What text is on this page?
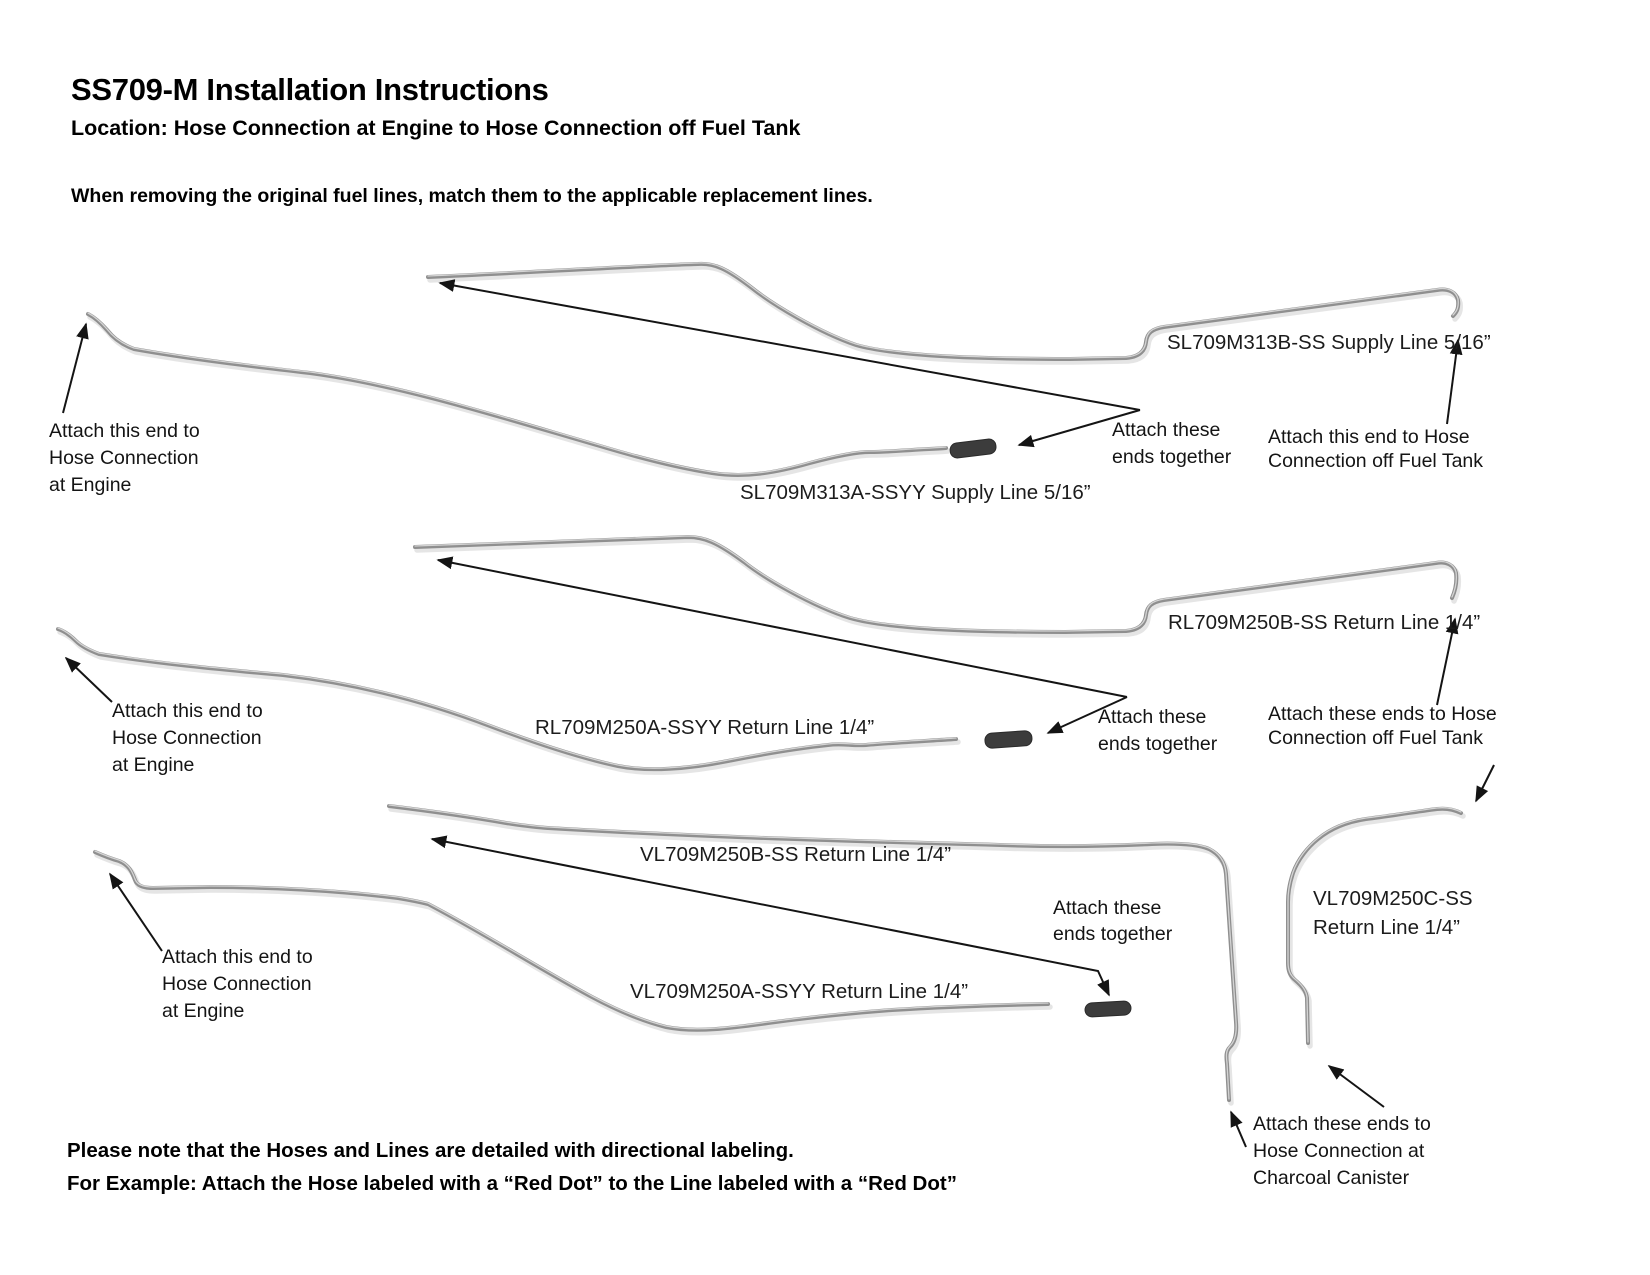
SS709-M Installation Instructions
Location: Hose Connection at Engine to Hose Connection off Fuel Tank
When removing the original fuel lines, match them to the applicable replacement lines.
SL709M313B-SS Supply Line 5/16”
SL709M313A-SSYY Supply Line 5/16”
RL709M250B-SS Return Line 1/4”
RL709M250A-SSYY Return Line 1/4”
VL709M250B-SS Return Line 1/4”
VL709M250A-SSYY Return Line 1/4”
VL709M250C-SS
Return Line 1/4”
Attach this end to
Hose Connection
at Engine
Attach this end to
Hose Connection
at Engine
Attach this end to
Hose Connection
at Engine
Attach these
ends together
Attach these
ends together
Attach these
ends together
Attach this end to Hose
Connection off Fuel Tank
Attach these ends to Hose
Connection off Fuel Tank
Attach these ends to
Hose Connection at
Charcoal Canister
Please note that the Hoses and Lines are detailed with directional labeling.
For Example: Attach the Hose labeled with a “Red Dot” to the Line labeled with a “Red Dot”
